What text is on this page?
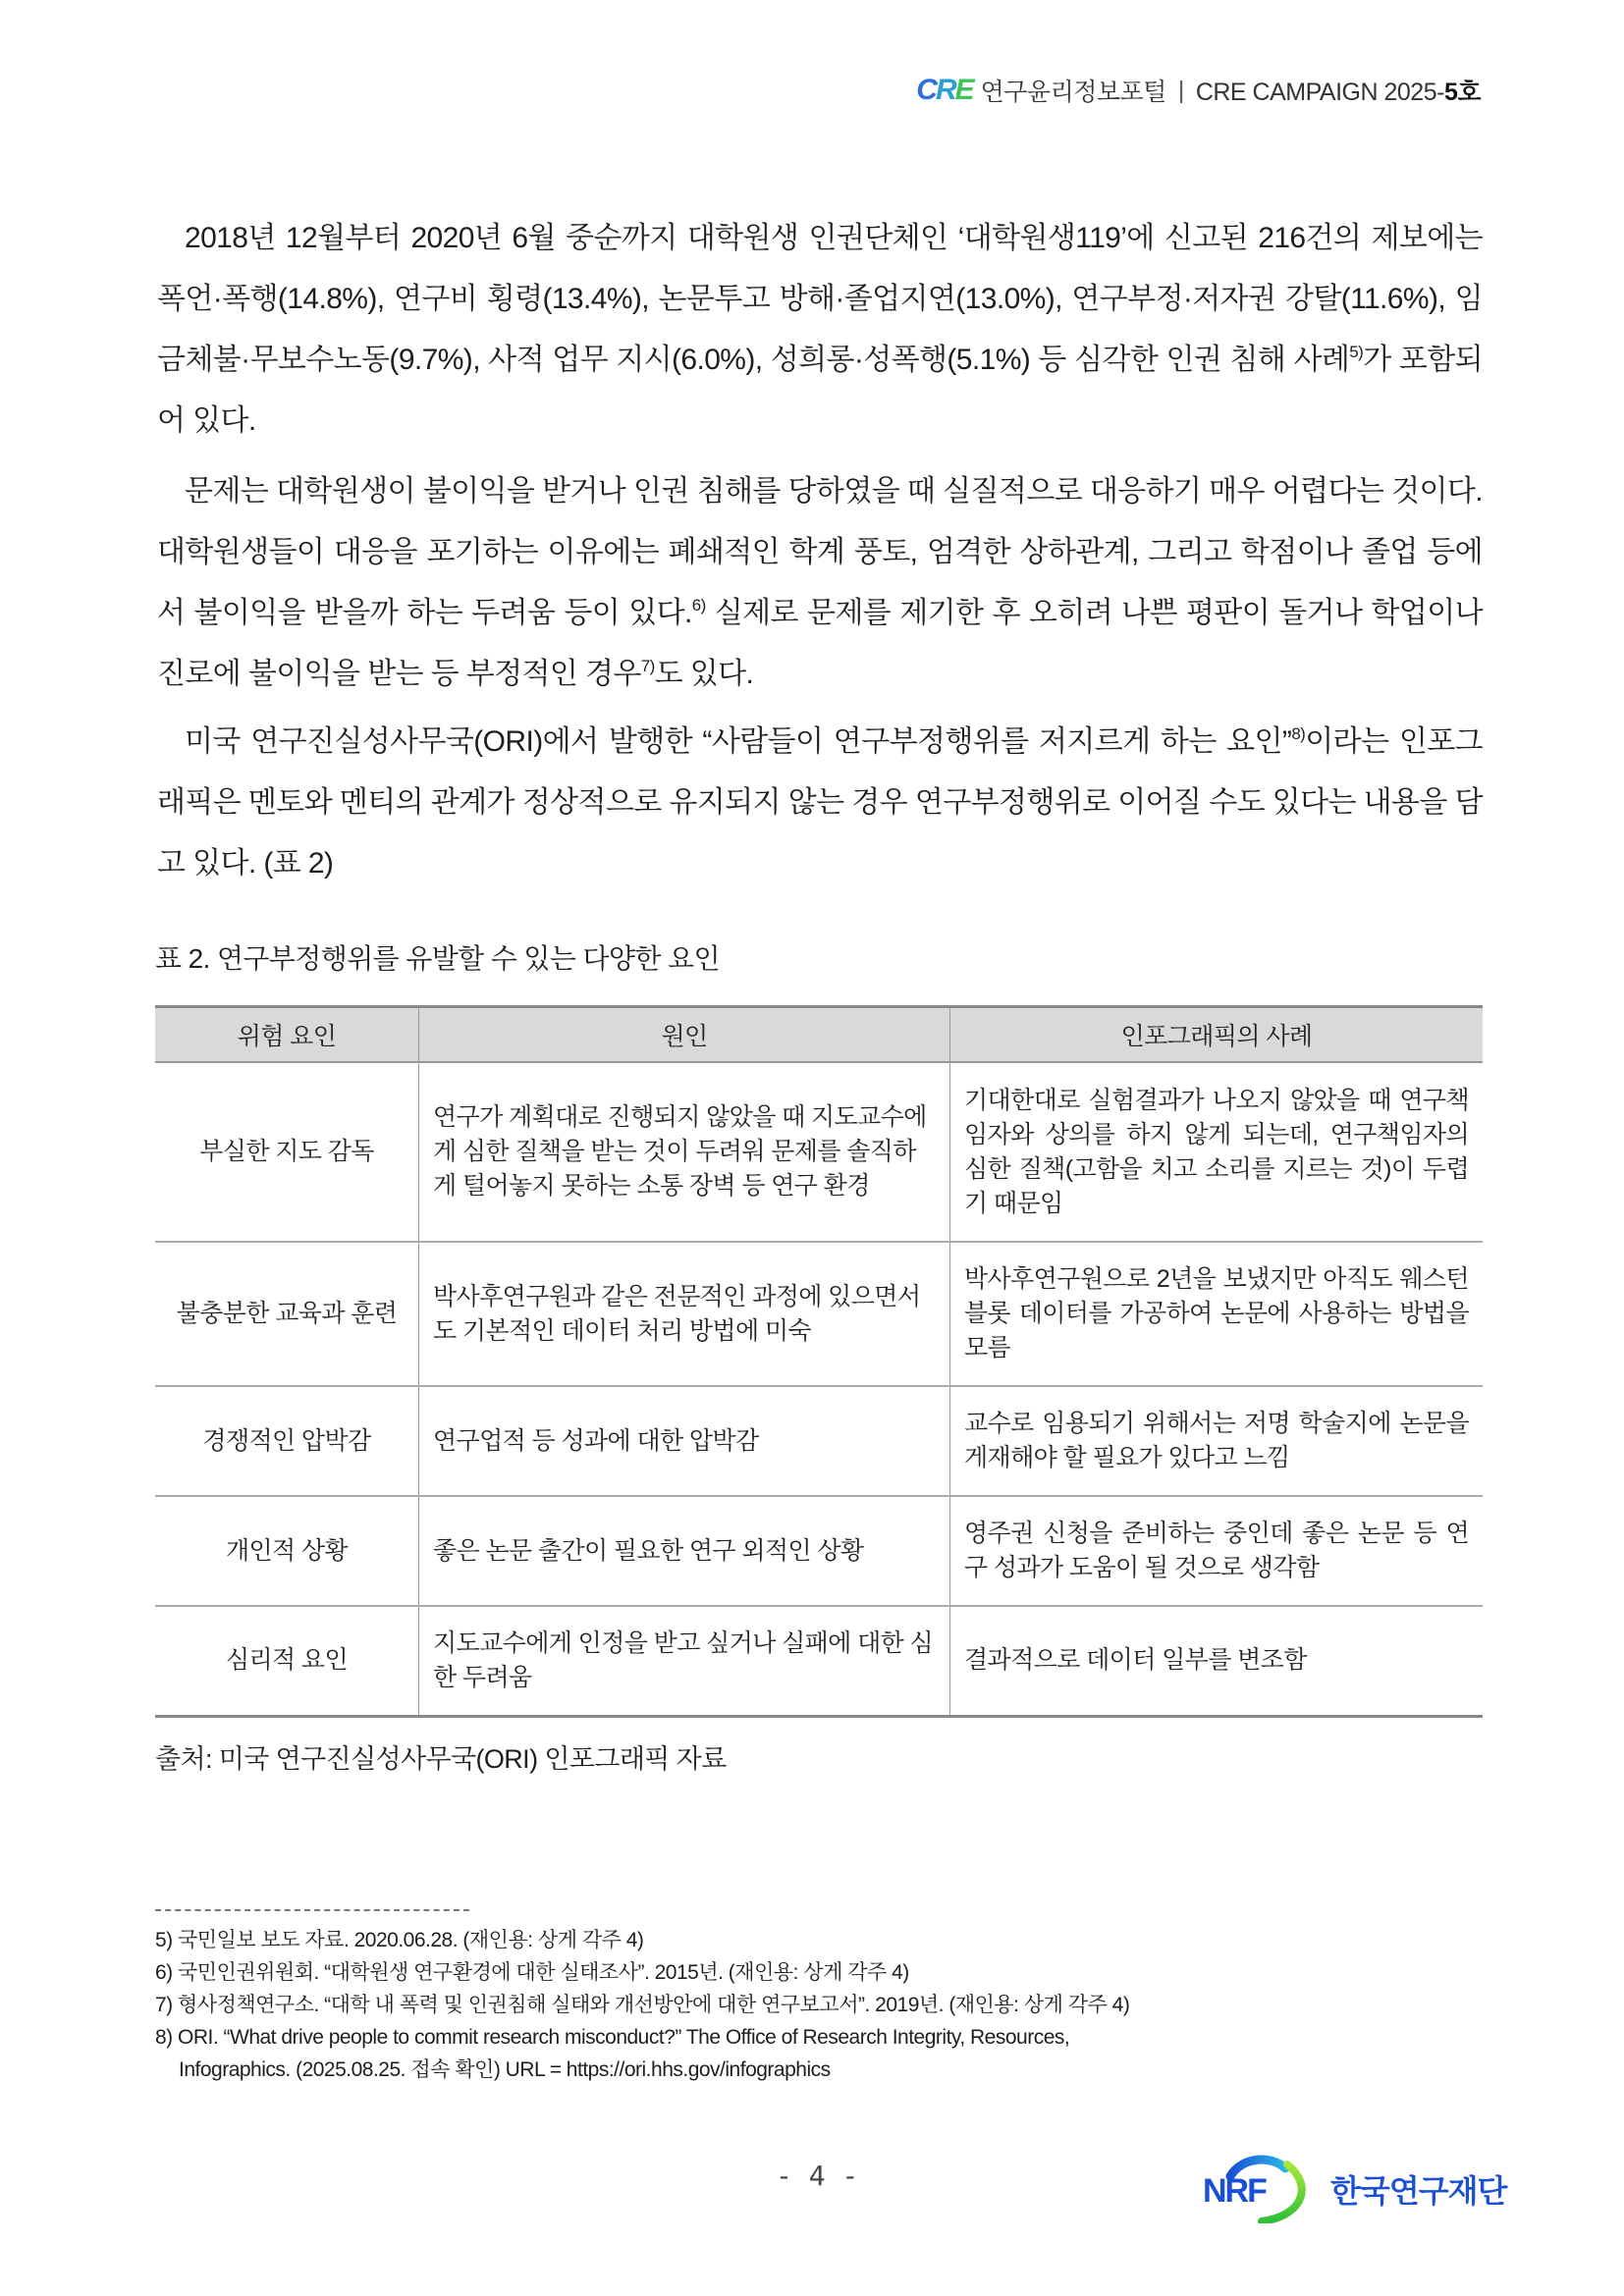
C R E 연구윤리정보포털 | CRE CAMPAIGN 2025-5호

2018년 12월부터 2020년 6월 중순까지 대학원생 인권단체인 ‘대학원생119’에 신고된 216건의 제보에는 폭언·폭행(14.8%), 연구비 횡령(13.4%), 논문투고 방해·졸업지연(13.0%), 연구부정·저자권 강탈(11.6%), 임금체불·무보수노동(9.7%), 사적 업무 지시(6.0%), 성희롱·성폭행(5.1%) 등 심각한 인권 침해 사례$^{5)}$가 포함되어 있다.

문제는 대학원생이 불이익을 받거나 인권 침해를 당하였을 때 실질적으로 대응하기 매우 어렵다는 것이다. 대학원생들이 대응을 포기하는 이유에는 폐쇄적인 학계 풍토, 엄격한 상하관계, 그리고 학점이나 졸업 등에서 불이익을 받을까 하는 두려움 등이 있다.$^{6)}$ 실제로 문제를 제기한 후 오히려 나쁜 평판이 돌거나 학업이나 진로에 불이익을 받는 등 부정적인 경우$^{7)}$도 있다.

미국 연구진실성사무국(ORI)에서 발행한 “사람들이 연구부정행위를 저지르게 하는 요인”$^{8)}$이라는 인포그래픽은 멘토와 멘티의 관계가 정상적으로 유지되지 않는 경우 연구부정행위로 이어질 수도 있다는 내용을 담고 있다. (표 2)

표 2. 연구부정행위를 유발할 수 있는 다양한 요인
위험 요인	원인	인포그래픽의 사례
부실한 지도 감독	연구가 계획대로 진행되지 않았을 때 지도교수에게 심한 질책을 받는 것이 두려워 문제를 솔직하게 털어놓지 못하는 소통 장벽 등 연구 환경	기대한대로 실험결과가 나오지 않았을 때 연구책임자와 상의를 하지 않게 되는데, 연구책임자의 심한 질책(고함을 치고 소리를 지르는 것)이 두렵기 때문임
불충분한 교육과 훈련	박사후연구원과 같은 전문적인 과정에 있으면서도 기본적인 데이터 처리 방법에 미숙	박사후연구원으로 2년을 보냈지만 아직도 웨스턴 블롯 데이터를 가공하여 논문에 사용하는 방법을 모름
경쟁적인 압박감	연구업적 등 성과에 대한 압박감	교수로 임용되기 위해서는 저명 학술지에 논문을 게재해야 할 필요가 있다고 느낌
개인적 상황	좋은 논문 출간이 필요한 연구 외적인 상황	영주권 신청을 준비하는 중인데 좋은 논문 등 연구 성과가 도움이 될 것으로 생각함
심리적 요인	지도교수에게 인정을 받고 싶거나 실패에 대한 심한 두려움	결과적으로 데이터 일부를 변조함
출처: 미국 연구진실성사무국(ORI) 인포그래픽 자료
5) 국민일보 보도 자료. 2020.06.28. (재인용: 상게 각주 4)
6) 국민인권위원회. “대학원생 연구환경에 대한 실태조사”. 2015년. (재인용: 상게 각주 4)
7) 형사정책연구소. “대학 내 폭력 및 인권침해 실태와 개선방안에 대한 연구보고서”. 2019년. (재인용: 상게 각주 4)
8) ORI. “What drive people to commit research misconduct?” The Office of Research Integrity, Resources,
Infographics. (2025.08.25. 접속 확인) URL = https://ori.hhs.gov/infographics
- 4 -	NRF 한국연구재단
